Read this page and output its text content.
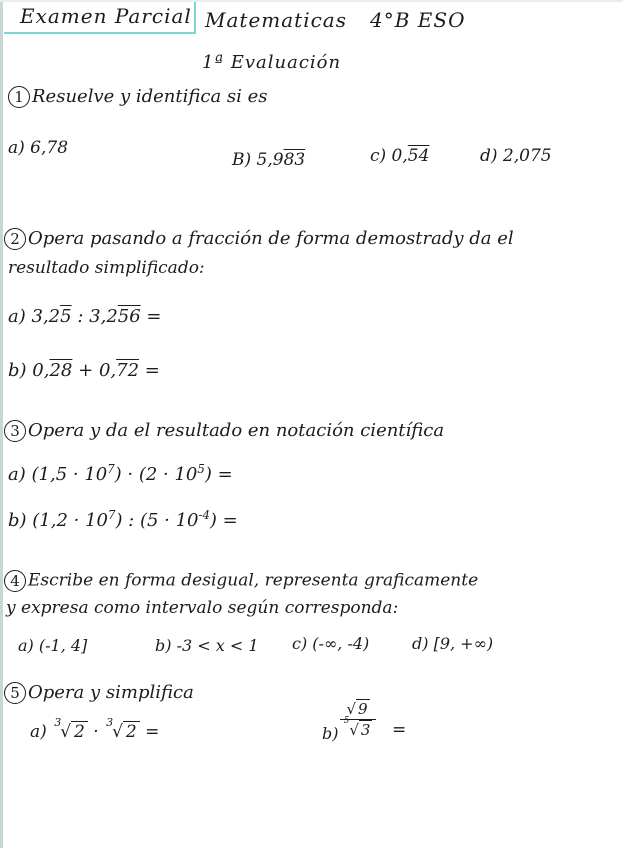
Examen Parcial Matematicas 4°B ESO
1ª Evaluación
1 Resuelve y identifica si es
a) 6,78
B) 5,983	c) 0,54	d) 2,075
2 Opera pasando a fracción de forma demostrady da el
resultado simplificado:
a) 3,25 : 3,256 =
b) 0,28 + 0,72 =
3 Opera y da el resultado en notación científica
a) $(1,5 \cdot 10^7) \cdot (2 \cdot 10^5)$ =
b) $(1,2 \cdot 10^7)$ : $(5 \cdot 10^{-4})$ =
4 Escribe en forma desigual, representa graficamente
y expresa como intervalo según corresponda:
a) (-1, 4]	b) -3 < x < 1 c) (-∞, -4)	d) [9, +∞)
5 Opera y simplifica
a) 3
√ 2 · 3
√ 2 =	b)
√ 9
$^5$√ 3	=
